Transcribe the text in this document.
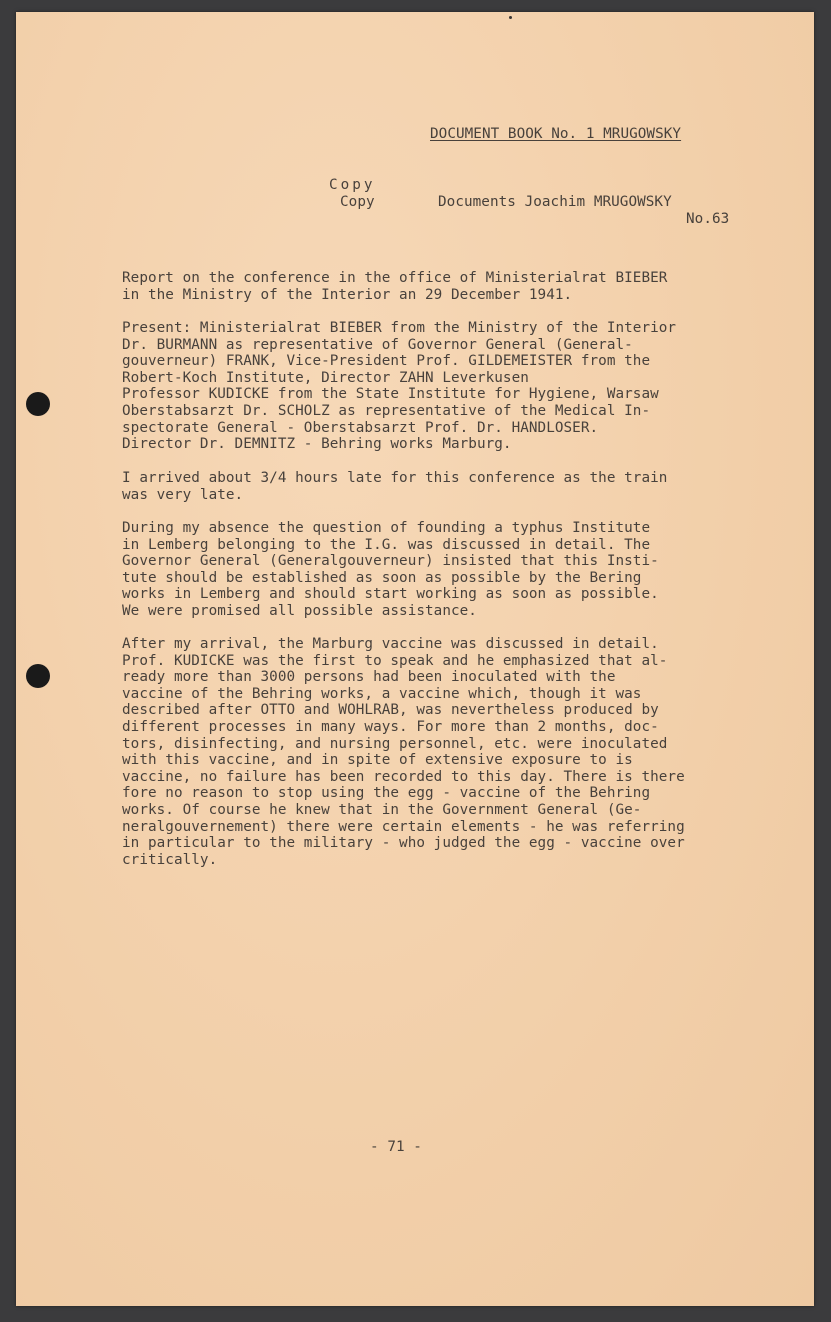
DOCUMENT BOOK No. 1 MRUGOWSKY
Copy
Copy	Documents Joachim MRUGOWSKY
No.63
Report on the conference in the office of Ministerialrat BIEBER
in the Ministry of the Interior an 29 December 1941.
Present: Ministerialrat BIEBER from the Ministry of the Interior
Dr. BURMANN as representative of Governor General (General-
gouverneur) FRANK, Vice-President Prof. GILDEMEISTER from the
Robert-Koch Institute, Director ZAHN Leverkusen
Professor KUDICKE from the State Institute for Hygiene, Warsaw
Oberstabsarzt Dr. SCHOLZ as representative of the Medical In-
spectorate General - Oberstabsarzt Prof. Dr. HANDLOSER.
Director Dr. DEMNITZ - Behring works Marburg.
I arrived about 3/4 hours late for this conference as the train
was very late.
During my absence the question of founding a typhus Institute
in Lemberg belonging to the I.G. was discussed in detail. The
Governor General (Generalgouverneur) insisted that this Insti-
tute should be established as soon as possible by the Bering
works in Lemberg and should start working as soon as possible.
We were promised all possible assistance.
After my arrival, the Marburg vaccine was discussed in detail.
Prof. KUDICKE was the first to speak and he emphasized that al-
ready more than 3000 persons had been inoculated with the
vaccine of the Behring works, a vaccine which, though it was
described after OTTO and WOHLRAB, was nevertheless produced by
different processes in many ways. For more than 2 months, doc-
tors, disinfecting, and nursing personnel, etc. were inoculated
with this vaccine, and in spite of extensive exposure to is
vaccine, no failure has been recorded to this day. There is there
fore no reason to stop using the egg - vaccine of the Behring
works. Of course he knew that in the Government General (Ge-
neralgouvernement) there were certain elements - he was referring
in particular to the military - who judged the egg - vaccine over
critically.
- 71 -
